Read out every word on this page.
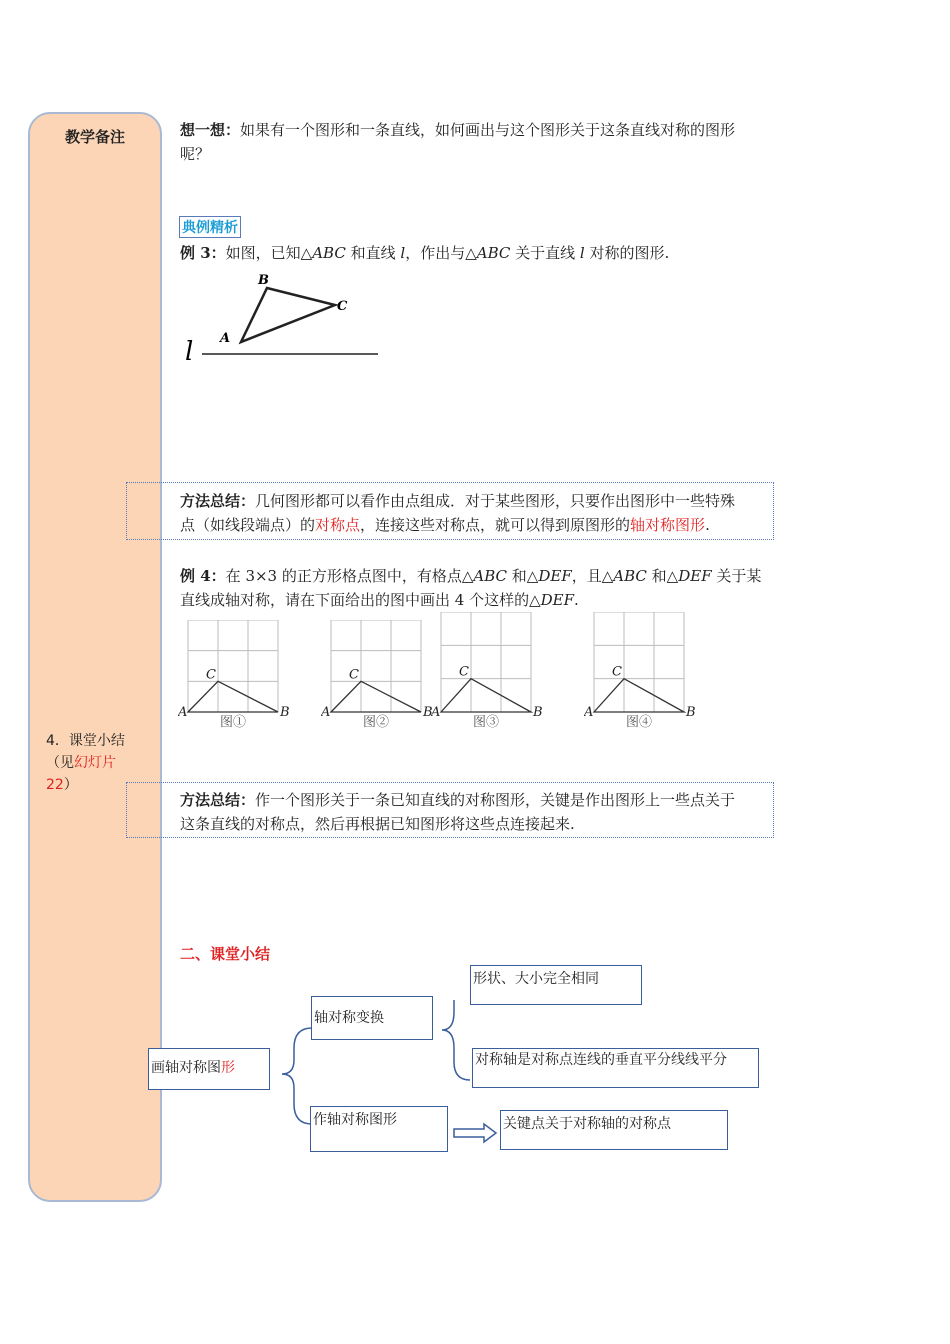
教学备注
4．课堂小结
（见幻灯片
22）
想一想：如果有一个图形和一条直线，如何画出与这个图形关于这条直线对称的图形
呢？
典例精析
例 3：如图，已知△ABC 和直线 l，作出与△ABC 关于直线 l 对称的图形.
A
B
C
l
方法总结：几何图形都可以看作由点组成．对于某些图形，只要作出图形中一些特殊
点（如线段端点）的对称点，连接这些对称点，就可以得到原图形的轴对称图形.
例 4：在 3×3 的正方形格点图中，有格点△ABC 和△DEF，且△ABC 和△DEF 关于某
直线成轴对称，请在下面给出的图中画出 4 个这样的△DEF.
A	B
C
图①
A	B
C
图②
A	B
C
图③
A	B
C
图④
方法总结：作一个图形关于一条已知直线的对称图形，关键是作出图形上一些点关于
这条直线的对称点，然后再根据已知图形将这些点连接起来.
二、课堂小结
画轴对称图形
轴对称变换
形状、大小完全相同
对称轴是对称点连线的垂直平分线线平分
作轴对称图形	关键点关于对称轴的对称点
